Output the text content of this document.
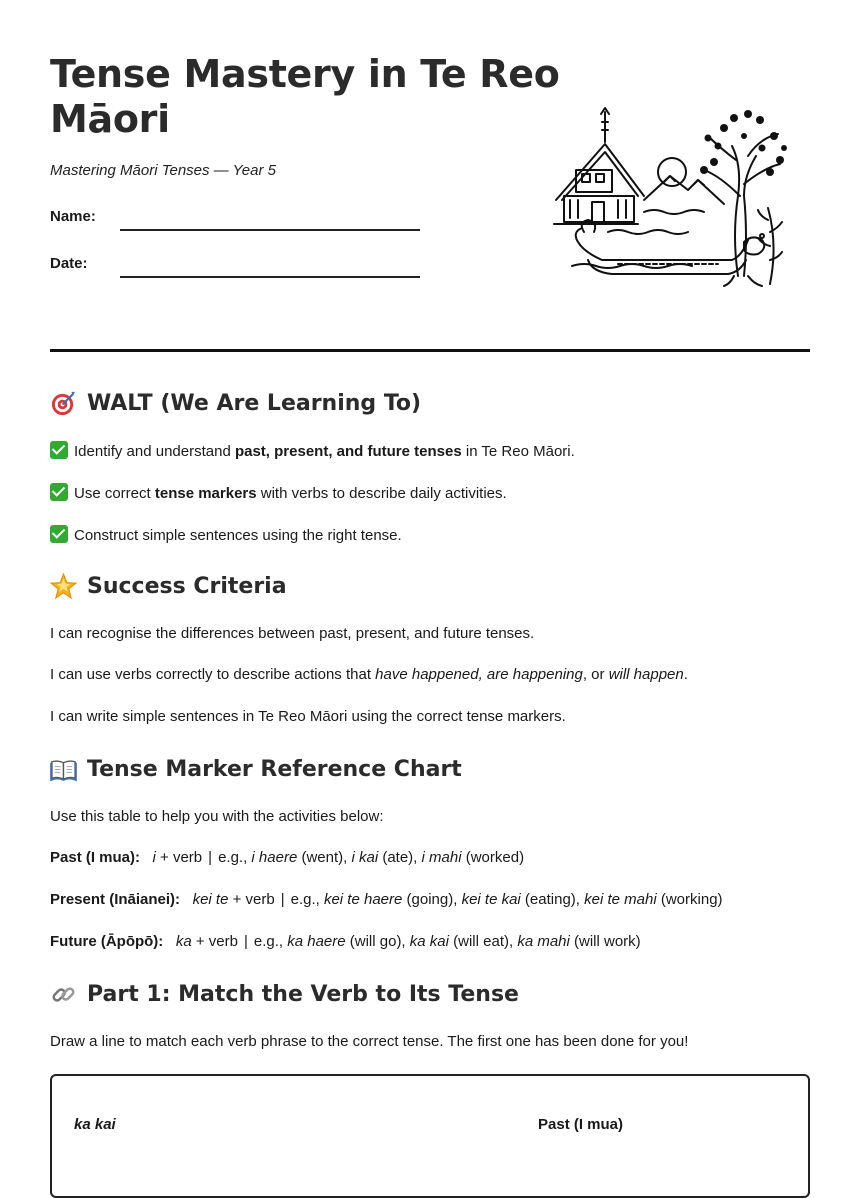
Tense Mastery in Te Reo Māori

Mastering Māori Tenses — Year 5

Name:
Date:
WALT (We Are Learning To)

Identify and understand past, present, and future tenses in Te Reo Māori.

Use correct tense markers with verbs to describe daily activities.

Construct simple sentences using the right tense.

Success Criteria

I can recognise the differences between past, present, and future tenses.

I can use verbs correctly to describe actions that have happened, are happening, or will happen.

I can write simple sentences in Te Reo Māori using the correct tense markers.

Tense Marker Reference Chart

Use this table to help you with the activities below:

Past (I mua): i + verb | e.g., i haere (went), i kai (ate), i mahi (worked)

Present (Ināianei): kei te + verb | e.g., kei te haere (going), kei te kai (eating), kei te mahi (working)

Future (Āpōpō): ka + verb | e.g., ka haere (will go), ka kai (will eat), ka mahi (will work)

Part 1: Match the Verb to Its Tense

Draw a line to match each verb phrase to the correct tense. The first one has been done for you!

ka kai	Past (I mua)
